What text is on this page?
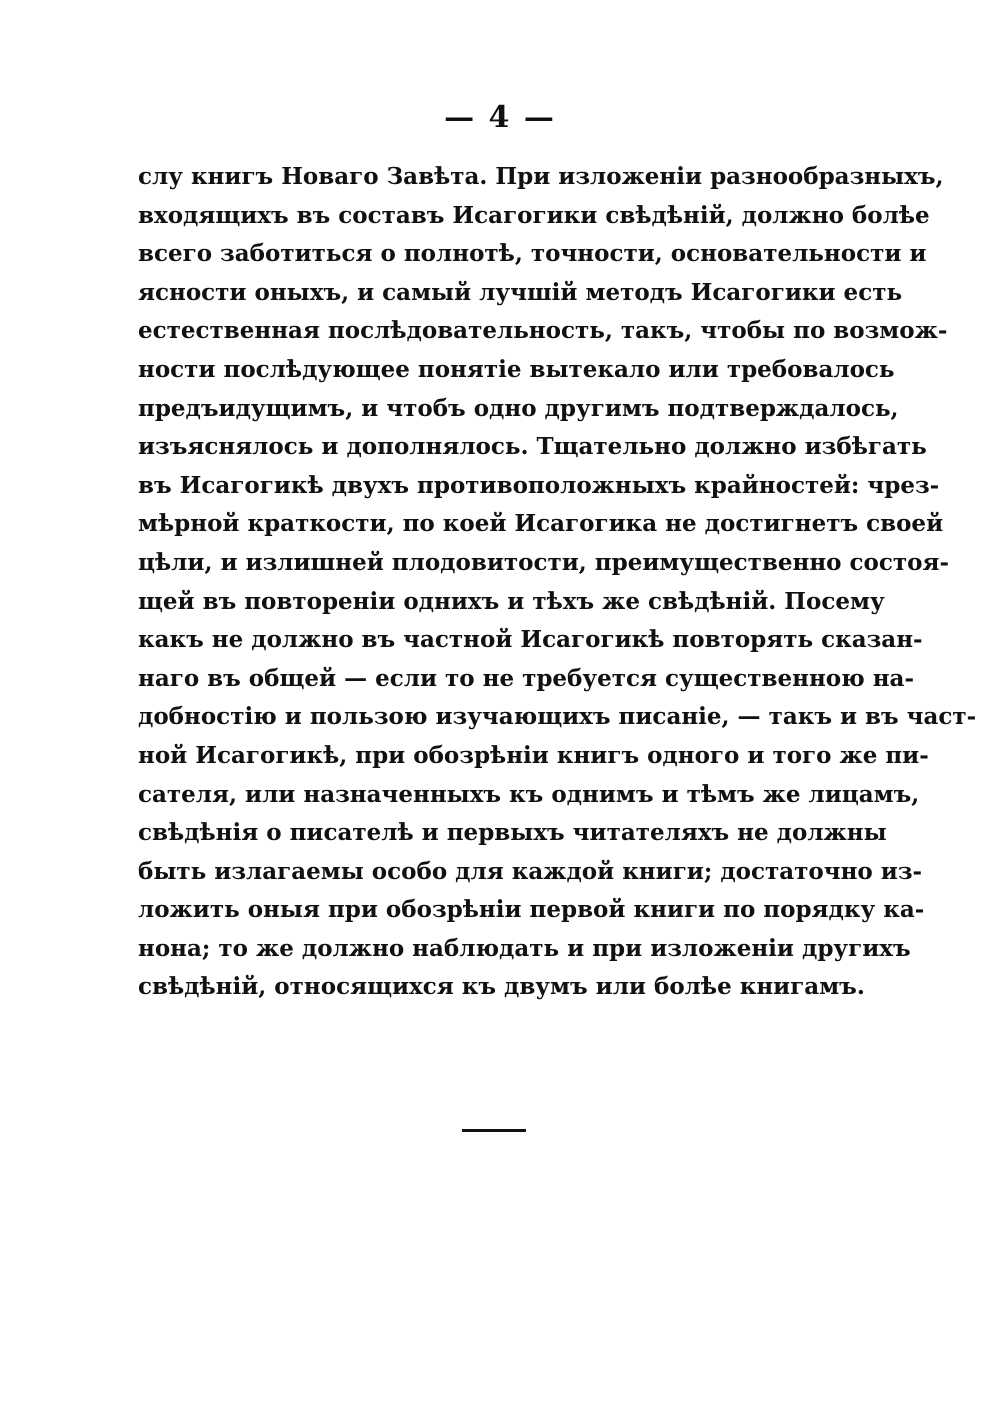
— 4 —
слу книгъ Новаго Завѣта. При изложеніи разнообразныхъ,
входящихъ въ составъ Исагогики свѣдѣній, должно болѣе
всего заботиться о полнотѣ, точности, основательности и
ясности оныхъ, и самый лучшій методъ Исагогики есть
естественная послѣдовательность, такъ, чтобы по возмож-
ности послѣдующее понятіе вытекало или требовалось
предъидущимъ, и чтобъ одно другимъ подтверждалось,
изъяснялось и дополнялось. Тщательно должно избѣгать
въ Исагогикѣ двухъ противоположныхъ крайностей: чрез-
мѣрной краткости, по коей Исагогика не достигнетъ своей
цѣли, и излишней плодовитости, преимущественно состоя-
щей въ повтореніи однихъ и тѣхъ же свѣдѣній. Посему
какъ не должно въ частной Исагогикѣ повторять сказан-
наго въ общей — если то не требуется существенною на-
добностію и пользою изучающихъ писаніе, — такъ и въ част-
ной Исагогикѣ, при обозрѣніи книгъ одного и того же пи-
сателя, или назначенныхъ къ однимъ и тѣмъ же лицамъ,
свѣдѣнія о писателѣ и первыхъ читателяхъ не должны
быть излагаемы особо для каждой книги; достаточно из-
ложить оныя при обозрѣніи первой книги по порядку ка-
нона; то же должно наблюдать и при изложеніи другихъ
свѣдѣній, относящихся къ двумъ или болѣе книгамъ.
